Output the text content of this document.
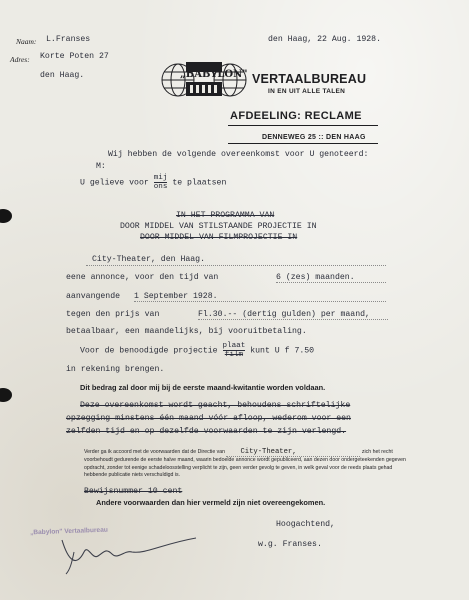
Naam: L.Franses
Adres: Korte Poten 27
den Haag.
den Haag, 22 Aug. 1928.
„BABYLON" VERTAALBUREAU
IN EN UIT ALLE TALEN
AFDEELING: RECLAME
DENNEWEG 25 :: DEN HAAG
Wij hebben de volgende overeenkomst voor U genoteerd:
M:
U gelieve voor $\frac{\text{mij}}{\text{ons}}$ te plaatsen
IN HET PROGRAMMA VAN
DOOR MIDDEL VAN STILSTAANDE PROJECTIE IN
DOOR MIDDEL VAN FILMPROJECTIE IN
City-Theater, den Haag.
eene annonce, voor den tijd van	6 (zes) maanden.
aanvangende 1 September 1928.
tegen den prijs van	Fl.30.-- (dertig gulden) per maand,
betaalbaar, een maandelijks, bij vooruitbetaling.
Voor de benoodigde projectie $\frac{\text{plaat}}{\text{film}}$ kunt U f 7.50
in rekening brengen.
Dit bedrag zal door mij bij de eerste maand-kwitantie worden voldaan.
Deze overeenkomst wordt geacht, behoudens schriftelijke
opzegging minstens één maand vóór afloop, wederom voor een
zelfden tijd en op dezelfde voorwaarden te zijn verlengd.
Verder ga ik accoord met de voorwaarden dat de Directie van City-Theater,	zich het recht voorbehoudt gedurende de eerste halve maand, waarin bedoelde annonce wordt gepubliceerd, aan dezen door ondergeteekenden gegeven opdracht, zonder tot eenige schadeloosstelling verplicht te zijn, geen verder gevolg te geven, in welk geval voor de reeds plaats gehad hebbende publicatie niets verschuldigd is.
Bewijsnummer 10 cent
Andere voorwaarden dan hier vermeld zijn niet overeengekomen.
Hoogachtend,
w.g. Franses.
„Babylon" Vertaalbureau
